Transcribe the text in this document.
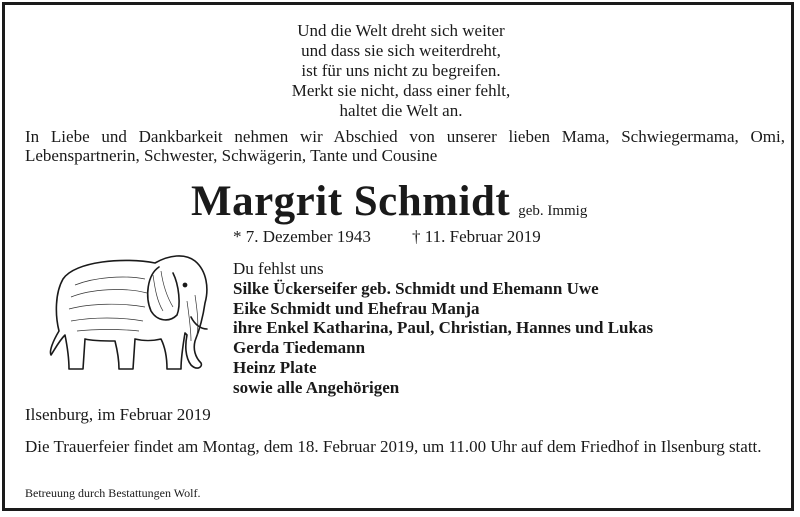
Und die Welt dreht sich weiter
und dass sie sich weiterdreht,
ist für uns nicht zu begreifen.
Merkt sie nicht, dass einer fehlt,
haltet die Welt an.
In Liebe und Dankbarkeit nehmen wir Abschied von unserer lieben Mama, Schwiegermama, Omi, Lebenspartnerin, Schwester, Schwägerin, Tante und Cousine
Margrit Schmidt geb. Immig
* 7. Dezember 1943 † 11. Februar 2019
Du fehlst uns
Silke Ückerseifer geb. Schmidt und Ehemann Uwe
Eike Schmidt und Ehefrau Manja
ihre Enkel Katharina, Paul, Christian, Hannes und Lukas
Gerda Tiedemann
Heinz Plate
sowie alle Angehörigen
Ilsenburg, im Februar 2019
Die Trauerfeier findet am Montag, dem 18. Februar 2019, um 11.00 Uhr auf dem Friedhof in Ilsenburg statt.
Betreuung durch Bestattungen Wolf.
